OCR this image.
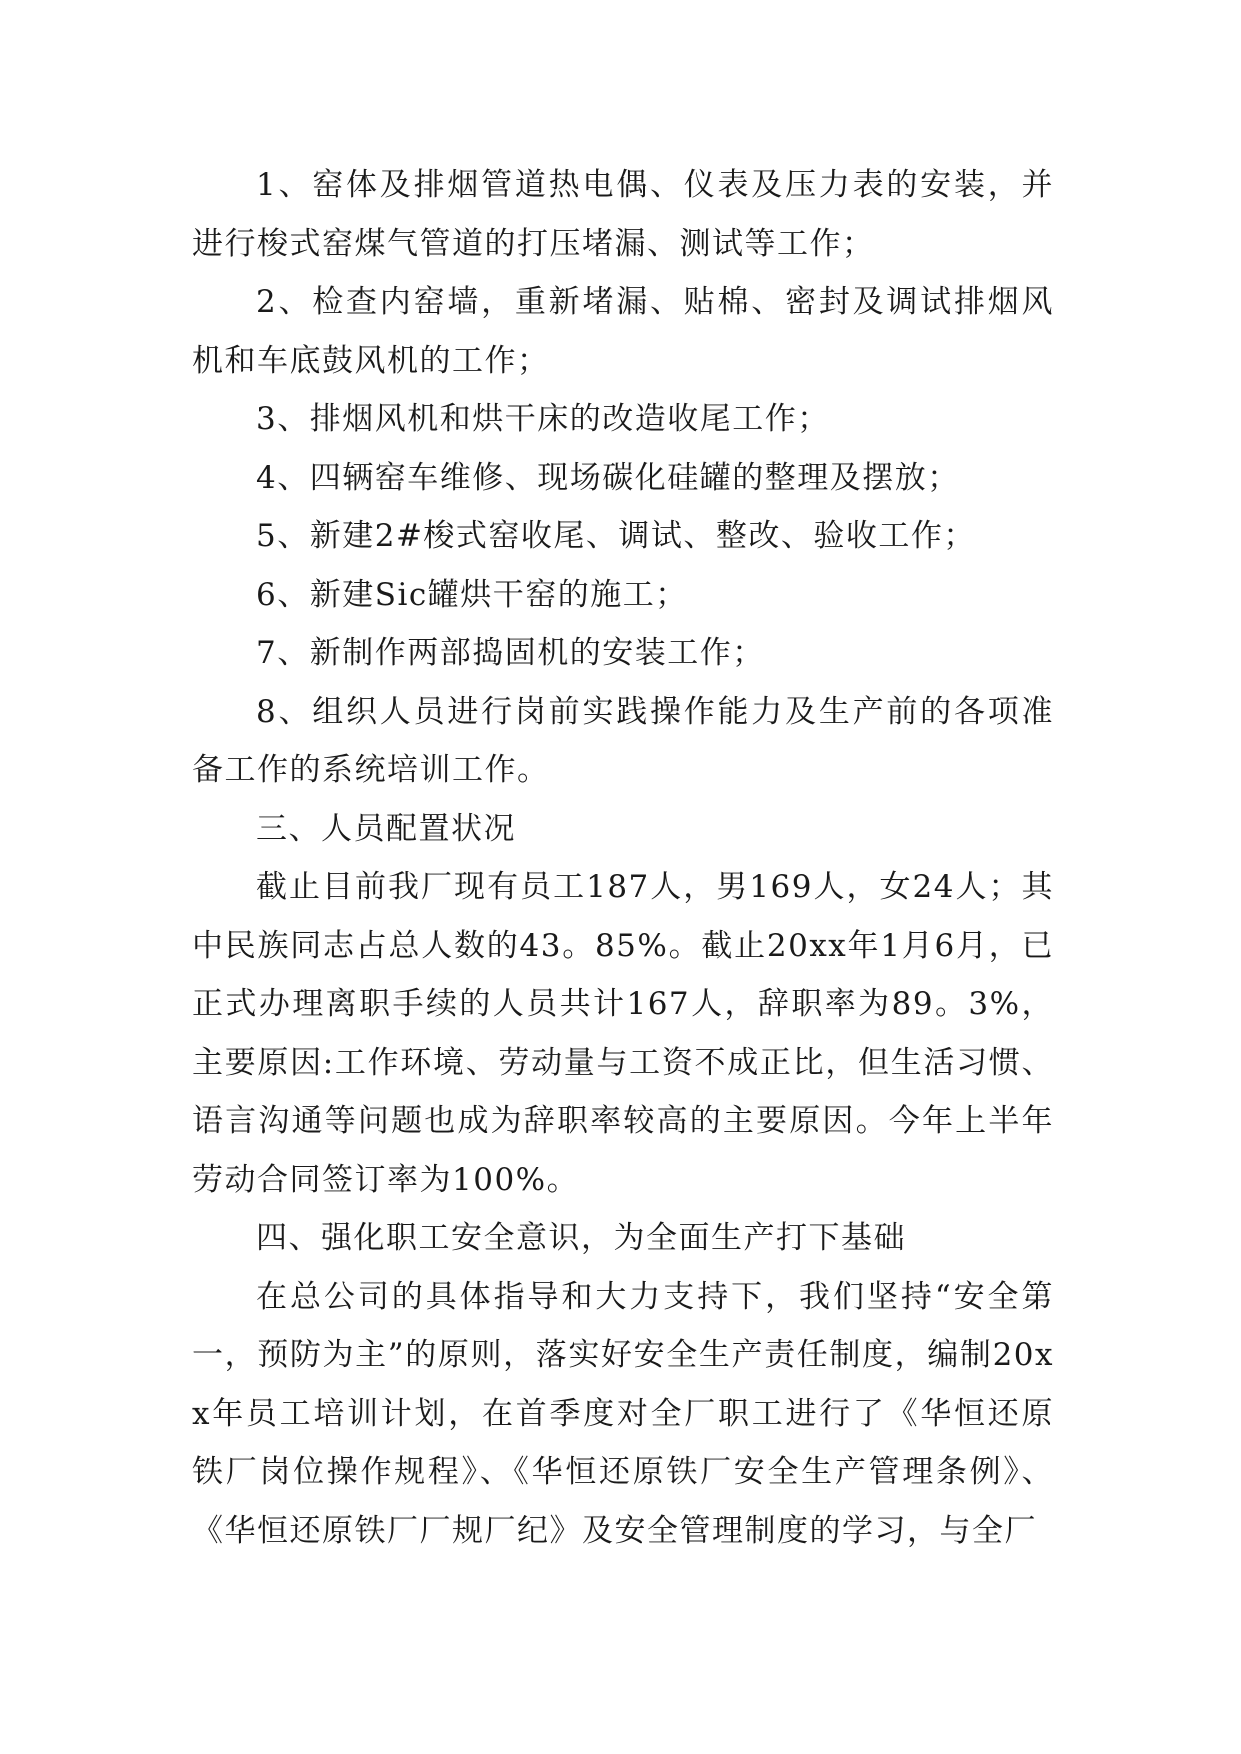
1、窑体及排烟管道热电偶、仪表及压力表的安装，并进行梭式窑煤气管道的打压堵漏、测试等工作；

2、检查内窑墙，重新堵漏、贴棉、密封及调试排烟风机和车底鼓风机的工作；

3、排烟风机和烘干床的改造收尾工作；

4、四辆窑车维修、现场碳化硅罐的整理及摆放；

5、新建2#梭式窑收尾、调试、整改、验收工作；

6、新建Sic罐烘干窑的施工；

7、新制作两部捣固机的安装工作；

8、组织人员进行岗前实践操作能力及生产前的各项准备工作的系统培训工作。

三、人员配置状况

截止目前我厂现有员工187人，男169人，女24人；其中民族同志占总人数的43。85%。截止20xx年1月6月，已正式办理离职手续的人员共计167人，辞职率为89。3%，主要原因:工作环境、劳动量与工资不成正比，但生活习惯、语言沟通等问题也成为辞职率较高的主要原因。今年上半年劳动合同签订率为100%。

四、强化职工安全意识，为全面生产打下基础

在总公司的具体指导和大力支持下，我们坚持“安全第一，预防为主”的原则，落实好安全生产责任制度，编制20xx年员工培训计划，在首季度对全厂职工进行了《华恒还原铁厂岗位操作规程》、《华恒还原铁厂安全生产管理条例》、《华恒还原铁厂厂规厂纪》及安全管理制度的学习，与全厂
